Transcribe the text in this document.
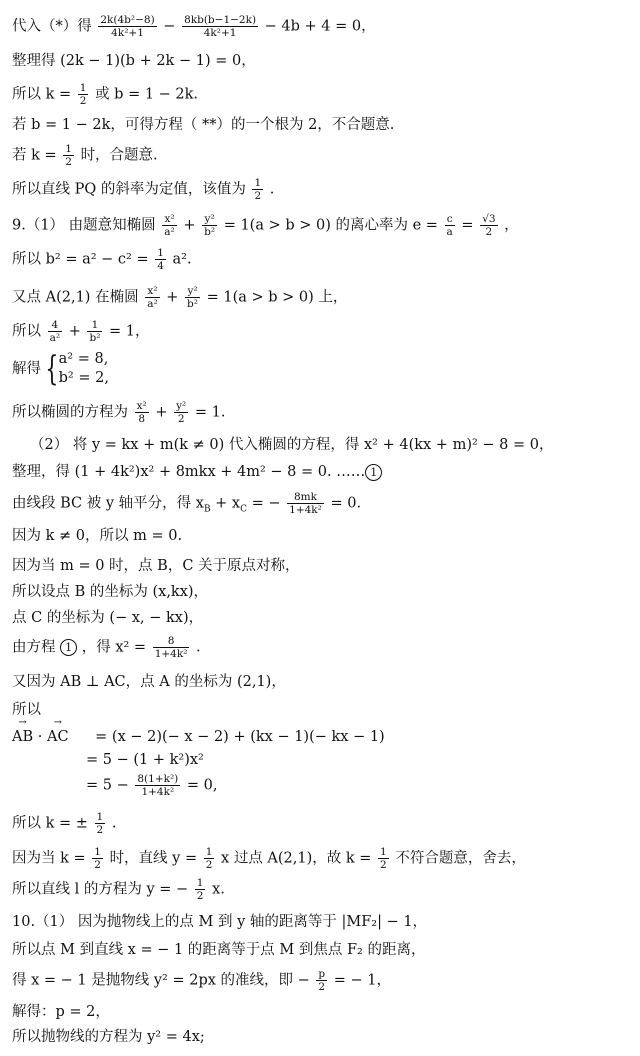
代入（*）得 $\frac{\text{2k(4b²−8)}}{\text{4k²+1}} - \frac{8kb(b-1-2k)}{\text{4k²+1}} - 4b + 4 = 0$，
整理得 (2k − 1)(b + 2k − 1) = 0，
所以 $k = \frac{1}{2}$ 或 b = 1 − 2k.
若 b = 1 − 2k，可得方程（ **）的一个根为 2，不合题意.
若 $k = \frac{1}{2}$ 时，合题意.
所以直线 PQ 的斜率为定值，该值为 $\frac{1}{2}$ .
9.（1） 由题意知椭圆 $\frac{\text{x²}}{\text{a²}} + \frac{\text{y²}}{\text{b²}} = 1(a > b > 0)$ 的离心率为 $e = \frac{c}{a} = \frac{√3}{2}$ ，
所以 $b^2 = a^2 - c^2 = \frac{1}{4} a^2$.
又点 A(2,1) 在椭圆 $\frac{\text{x²}}{\text{a²}} + \frac{\text{y²}}{\text{b²}} = 1(a > b > 0)$ 上，
所以 $\frac{4}{\text{a²}} + \frac{1}{\text{b²}} = 1$，
解得 { a² = 8,
b² = 2,
所以椭圆的方程为 $\frac{\text{x²}}{8} + \frac{\text{y²}}{2} = 1$.
（2） 将 y = kx + m(k ≠ 0) 代入椭圆的方程，得 x² + 4(kx + m)² − 8 = 0，
整理，得 (1 + 4k²)x² + 8mkx + 4m² − 8 = 0. …… 1
由线段 BC 被 y 轴平分，得 $x_B + x_C$ = − $\frac{8mk}{\text{1+4k²}} = 0$.
因为 k ≠ 0，所以 m = 0.
因为当 m = 0 时，点 B，C 关于原点对称，
所以设点 B 的坐标为 (x,kx)，
点 C 的坐标为 (− x, − kx)，
由方程 1 ，得 $x^2 = \frac{8}{\text{1+4k²}}$ .
又因为 AB ⊥ AC，点 A 的坐标为 (2,1)，
所以
→ AB · → AC = (x − 2)(− x − 2) + (kx − 1)(− kx − 1)
= 5 − (1 + k²)x²
= $5 - \frac{\text{8(1+k²)}}{\text{1+4k²}} = 0$,
所以 k = ± $\frac{1}{2}$ .
因为当 $k = \frac{1}{2}$ 时，直线 $y = \frac{1}{2}$ x 过点 A(2,1)，故 $k = \frac{1}{2}$ 不符合题意，舍去，
所以直线 l 的方程为 y = − $\frac{1}{2} x$.
10.（1） 因为抛物线上的点 M 到 y 轴的距离等于 |MF₂| − 1，
所以点 M 到直线 x = − 1 的距离等于点 M 到焦点 F₂ 的距离，
得 x = − 1 是抛物线 y² = 2px 的准线，即 − $\frac{p}{2}$ = − 1，
解得：p = 2，
所以抛物线的方程为 y² = 4x;
